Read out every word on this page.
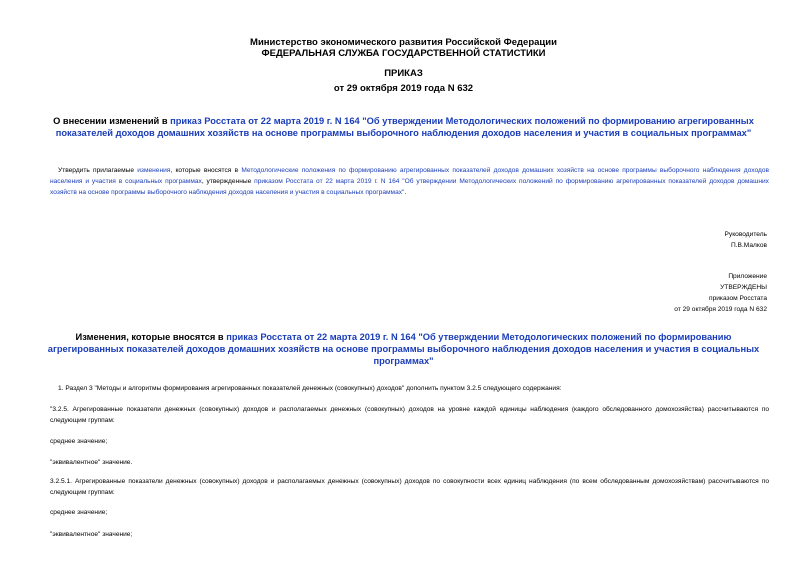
Министерство экономического развития Российской Федерации
ФЕДЕРАЛЬНАЯ СЛУЖБА ГОСУДАРСТВЕННОЙ СТАТИСТИКИ
ПРИКАЗ
от 29 октября 2019 года N 632
О внесении изменений в приказ Росстата от 22 марта 2019 г. N 164 "Об утверждении Методологических положений по формированию агрегированных показателей доходов домашних хозяйств на основе программы выборочного наблюдения доходов населения и участия в социальных программах"
Утвердить прилагаемые изменения, которые вносятся в Методологические положения по формированию агрегированных показателей доходов домашних хозяйств на основе программы выборочного наблюдения доходов населения и участия в социальных программах, утвержденные приказом Росстата от 22 марта 2019 г. N 164 "Об утверждении Методологических положений по формированию агрегированных показателей доходов домашних хозяйств на основе программы выборочного наблюдения доходов населения и участия в социальных программах".
Руководитель
П.В.Малков
Приложение
УТВЕРЖДЕНЫ
приказом Росстата
от 29 октября 2019 года N 632
Изменения, которые вносятся в приказ Росстата от 22 марта 2019 г. N 164 "Об утверждении Методологических положений по формированию агрегированных показателей доходов домашних хозяйств на основе программы выборочного наблюдения доходов населения и участия в социальных программах"
1. Раздел 3 "Методы и алгоритмы формирования агрегированных показателей денежных (совокупных) доходов" дополнить пунктом 3.2.5 следующего содержания:
"3.2.5. Агрегированные показатели денежных (совокупных) доходов и располагаемых денежных (совокупных) доходов на уровне каждой единицы наблюдения (каждого обследованного домохозяйства) рассчитываются по следующим группам:
среднее значение;
"эквивалентное" значение.
3.2.5.1. Агрегированные показатели денежных (совокупных) доходов и располагаемых денежных (совокупных) доходов по совокупности всех единиц наблюдения (по всем обследованным домохозяйствам) рассчитываются по следующим группам:
среднее значение;
"эквивалентное" значение;
